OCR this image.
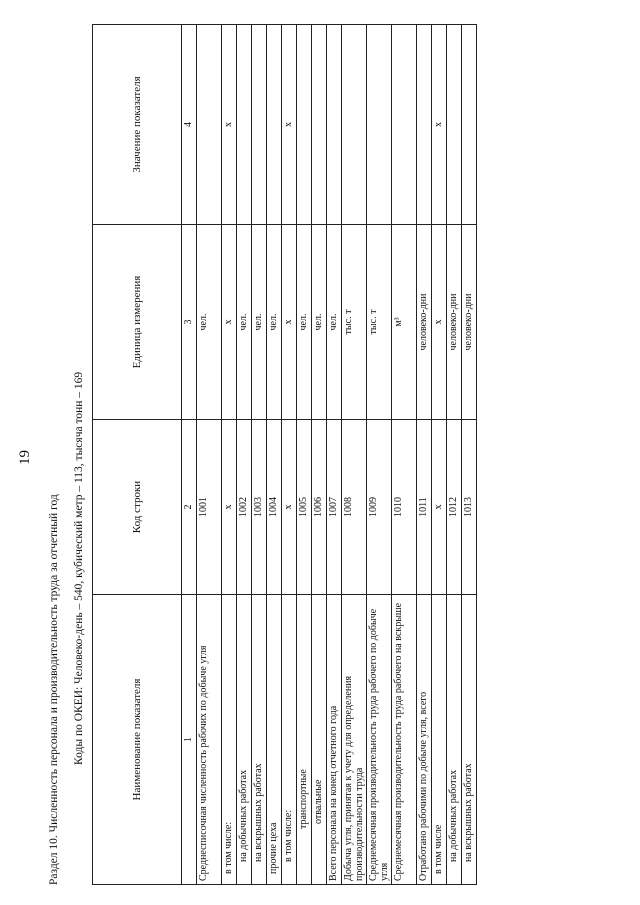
19
Раздел 10. Численность персонала и производительность труда за отчетный год Коды по ОКЕИ: Человеко-день – 540, кубический метр – 113, тысяча тонн – 169	Наименование показателя	Код строки	Единица измерения	Значение показателя
1	2	3	4
Среднесписочная численность рабочих по добыче угля	1001	чел.	
в том числе:	x	x	x
на добычных работах	1002	чел.	
на вскрышных работах	1003	чел.	
прочие цеха	1004	чел.	
в том числе:	x	x	x
транспортные	1005	чел.	
отвальные	1006	чел.	
Всего персонала на конец отчетного года	1007	чел.	
Добыча угля, принятая к учету для определения производительности труда	1008	тыс. т	
Среднемесячная производительность труда рабочего по добыче угля	1009	тыс. т	
Среднемесячная производительность труда рабочего на вскрыше	1010	м³	
Отработано рабочими по добыче угля, всего	1011	человеко-дни	
в том числе	x	x	x
на добычных работах	1012	человеко-дни	
на вскрышных работах	1013	человеко-дни	
